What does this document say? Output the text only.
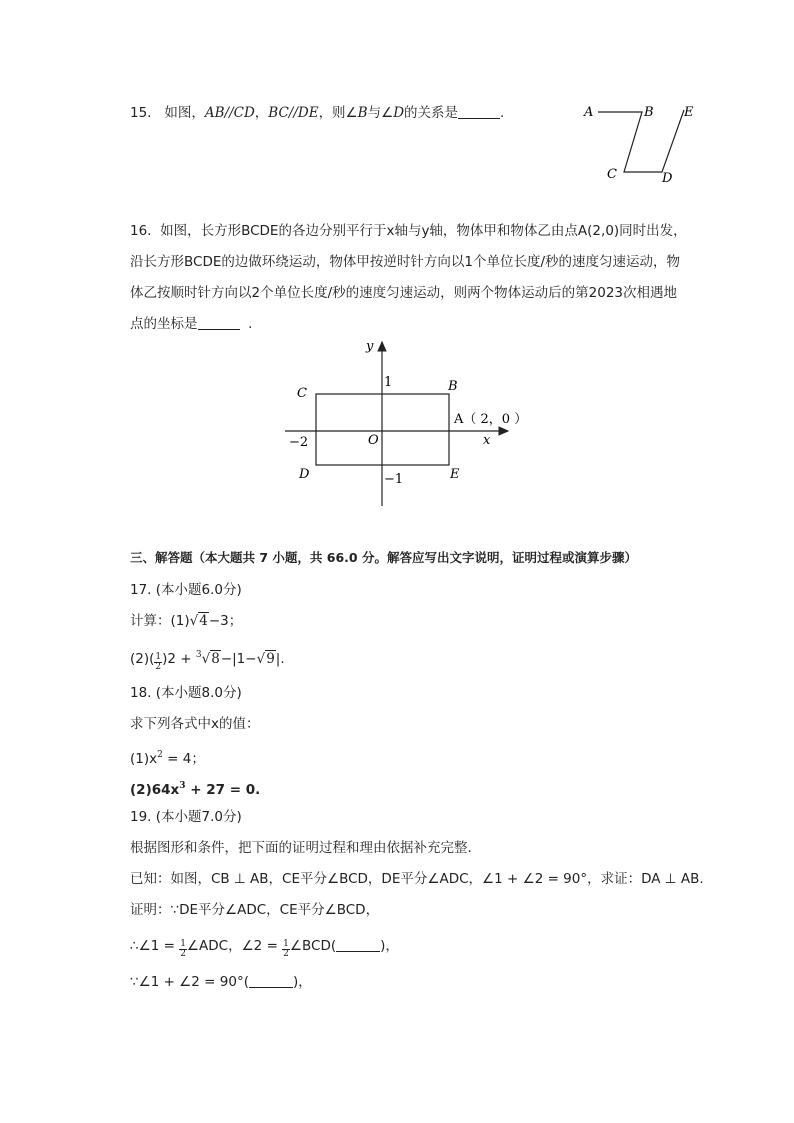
15. 如图，AB//CD，BC//DE，则∠B与∠D的关系是	.	A	B E
C	D
16. 如图，长方形BCDE的各边分别平行于x轴与y轴，物体甲和物体乙由点A(2,0)同时出发，
沿长方形BCDE的边做环绕运动，物体甲按逆时针方向以1个单位长度/秒的速度匀速运动，物
体乙按顺时针方向以2个单位长度/秒的速度匀速运动，则两个物体运动后的第2023次相遇地
点的坐标是	.
y
x
O
1
−1
−2
C	B
D	E
A（ 2，0 ）
三、解答题（本大题共 7 小题，共 66.0 分。解答应写出文字说明，证明过程或演算步骤）
17. (本小题6.0分)
计算：(1)√4−3；
$(2)( \frac{1}{2} )2 + ^3√8-|1-√9|$.
18. (本小题8.0分)
求下列各式中x的值：
$(1)x^2 = 4$；
$(2)64x^3 + 27 = 0$.
19. (本小题7.0分)
根据图形和条件，把下面的证明过程和理由依据补充完整.
已知：如图，CB ⊥ AB，CE平分∠BCD，DE平分∠ADC，∠1 + ∠2 = 90°，求证：DA ⊥ AB.
证明：∵DE平分∠ADC，CE平分∠BCD，
∴∠1 = $\frac{1}{2}$ ∠ADC，∠2 = $\frac{1}{2}$ ∠BCD(	)，
∵∠1 + ∠2 = 90°(	)，
